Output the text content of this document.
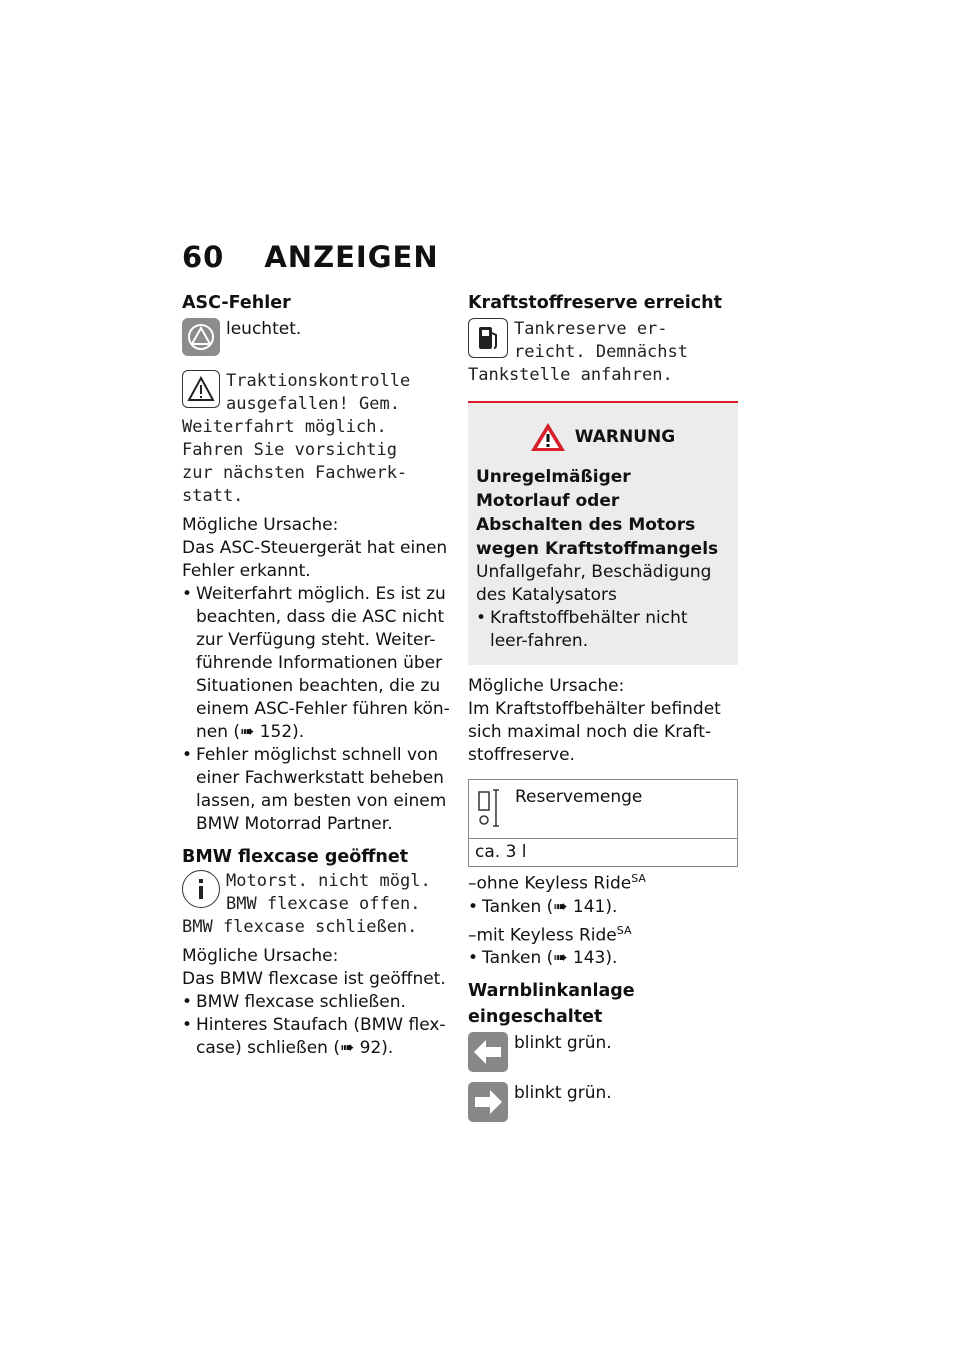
60 ANZEIGEN
ASC-Fehler

leuchtet.

Traktionskontrolle
ausgefallen! Gem.
Weiterfahrt möglich.
Fahren Sie vorsichtig
zur nächsten Fachwerk-
statt.

Mögliche Ursache:

Das ASC-Steuergerät hat einen Fehler erkannt.

• Weiterfahrt möglich. Es ist zu beachten, dass die ASC nicht zur Verfügung steht. Weiter-führende Informationen über Situationen beachten, die zu einem ASC-Fehler führen kön-nen (➠ 152).
• Fehler möglichst schnell von einer Fachwerkstatt beheben lassen, am besten von einem BMW Motorrad Partner.
BMW flexcase geöffnet
Motorst. nicht mögl.
BMW flexcase offen.
BMW flexcase schließen.

Mögliche Ursache:

Das BMW flexcase ist geöffnet.

• BMW flexcase schließen.
• Hinteres Staufach (BMW flex-case) schließen (➠ 92).
Kraftstoffreserve erreicht
Tankreserve er-
reicht. Demnächst
Tankstelle anfahren.
WARNUNG

Unregelmäßiger Motorlauf oder Abschalten des Motors wegen Kraftstoffmangels

Unfallgefahr, Beschädigung des Katalysators

• Kraftstoffbehälter nicht leer-fahren.

Mögliche Ursache:

Im Kraftstoffbehälter befindet sich maximal noch die Kraft-stoffreserve.

Reservemenge
ca. 3 l
–ohne Keyless Ride$^{SA}$
• Tanken (➠ 141).
–mit Keyless Ride$^{SA}$
• Tanken (➠ 143).
Warnblinkanlage
eingeschaltet

blinkt grün.

blinkt grün.
